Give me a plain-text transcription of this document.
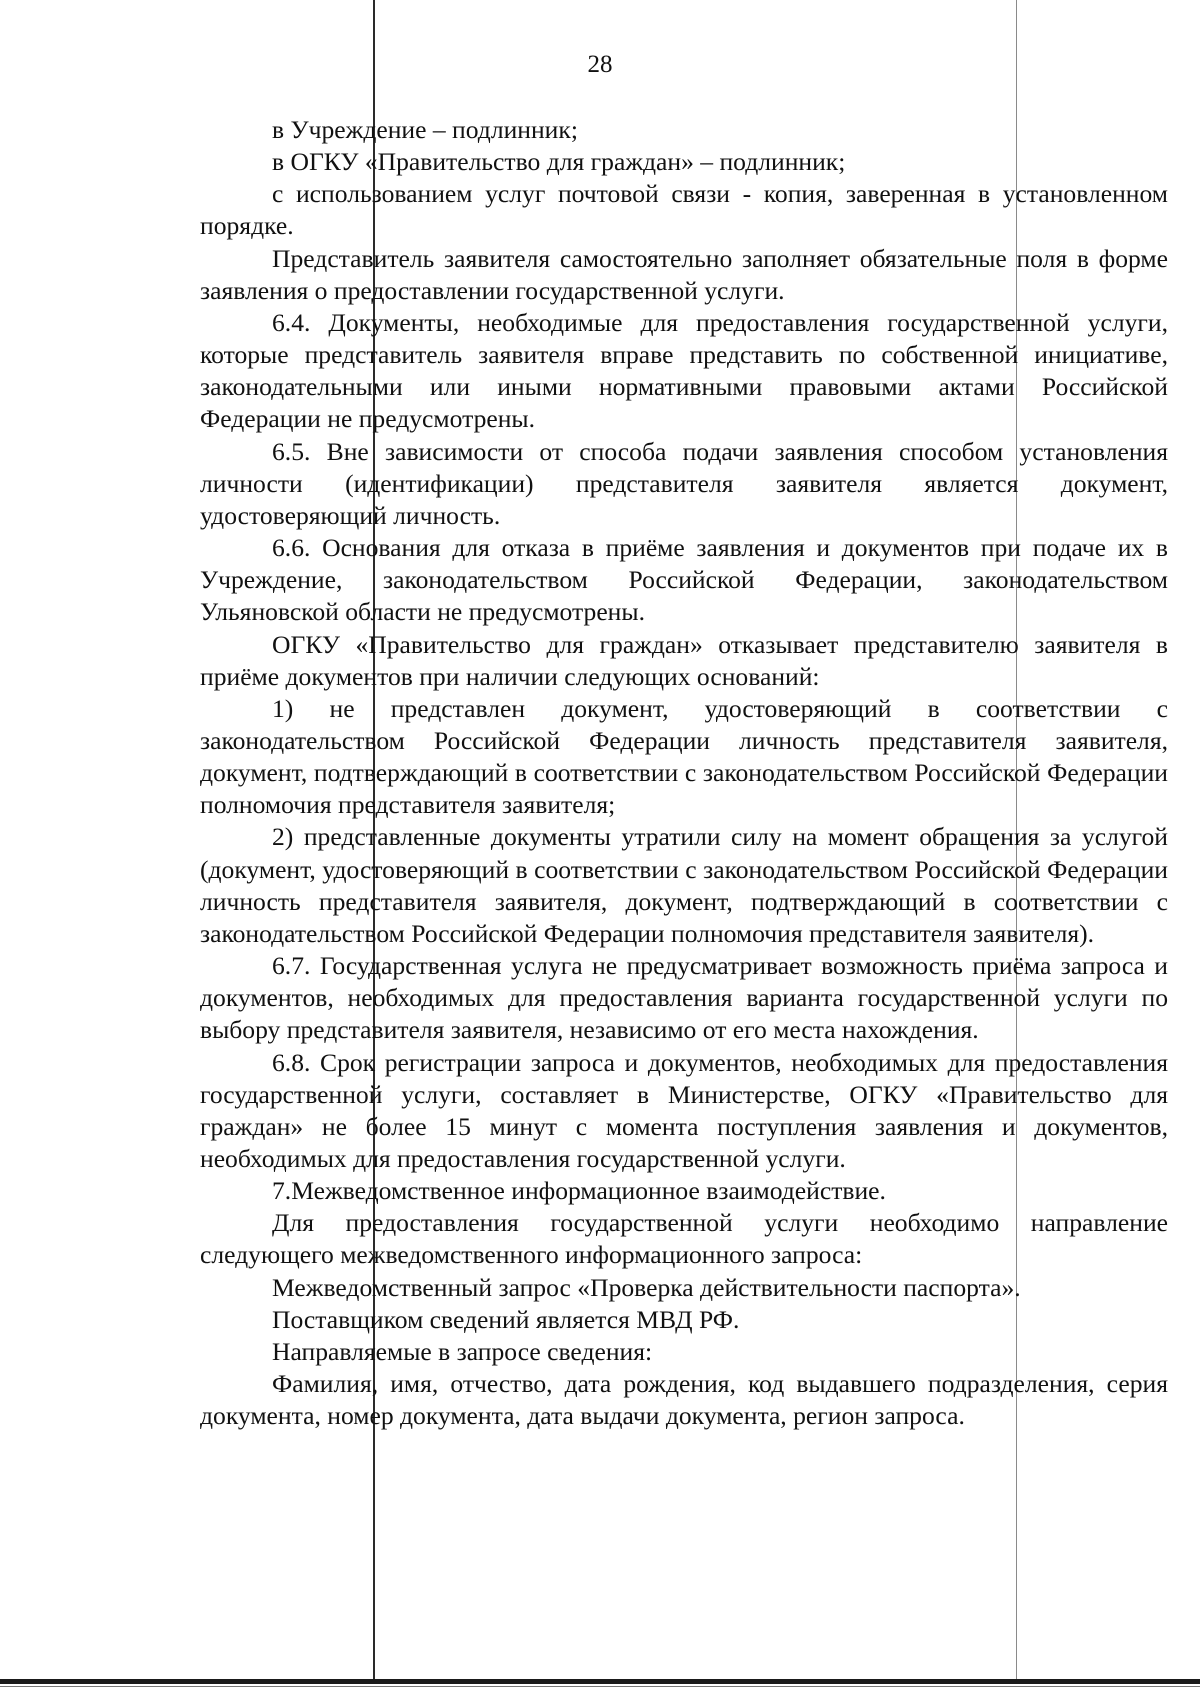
28

в Учреждение – подлинник;

в ОГКУ «Правительство для граждан» – подлинник;

с использованием услуг почтовой связи - копия, заверенная в установленном порядке.

Представитель заявителя самостоятельно заполняет обязательные поля в форме заявления о предоставлении государственной услуги.

6.4. Документы, необходимые для предоставления государственной услуги, которые представитель заявителя вправе представить по собственной инициативе, законодательными или иными нормативными правовыми актами Российской Федерации не предусмотрены.

6.5. Вне зависимости от способа подачи заявления способом установления личности (идентификации) представителя заявителя является документ, удостоверяющий личность.

6.6. Основания для отказа в приёме заявления и документов при подаче их в Учреждение, законодательством Российской Федерации, законодательством Ульяновской области не предусмотрены.

ОГКУ «Правительство для граждан» отказывает представителю заявителя в приёме документов при наличии следующих оснований:

1) не представлен документ, удостоверяющий в соответствии с законодательством Российской Федерации личность представителя заявителя, документ, подтверждающий в соответствии с законодательством Российской Федерации полномочия представителя заявителя;

2) представленные документы утратили силу на момент обращения за услугой (документ, удостоверяющий в соответствии с законодательством Российской Федерации личность представителя заявителя, документ, подтверждающий в соответствии с законодательством Российской Федерации полномочия представителя заявителя).

6.7. Государственная услуга не предусматривает возможность приёма запроса и документов, необходимых для предоставления варианта государственной услуги по выбору представителя заявителя, независимо от его места нахождения.

6.8. Срок регистрации запроса и документов, необходимых для предоставления государственной услуги, составляет в Министерстве, ОГКУ «Правительство для граждан» не более 15 минут с момента поступления заявления и документов, необходимых для предоставления государственной услуги.

7.Межведомственное информационное взаимодействие.

Для предоставления государственной услуги необходимо направление следующего межведомственного информационного запроса:

Межведомственный запрос «Проверка действительности паспорта».

Поставщиком сведений является МВД РФ.

Направляемые в запросе сведения:

Фамилия, имя, отчество, дата рождения, код выдавшего подразделения, серия документа, номер документа, дата выдачи документа, регион запроса.
